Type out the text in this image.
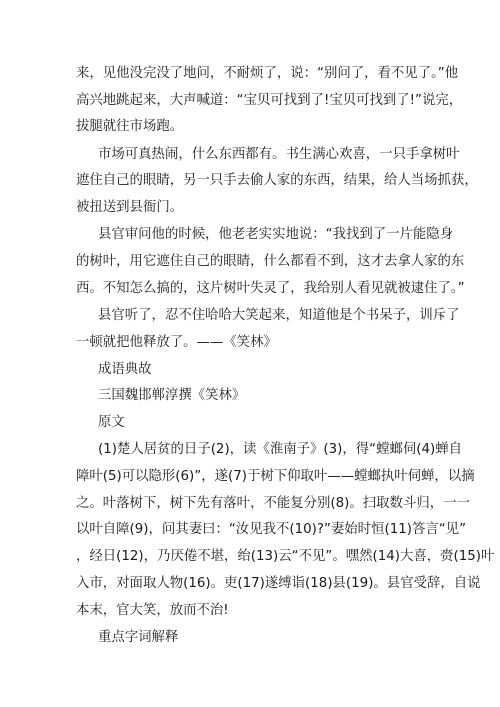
来，见他没完没了地问，不耐烦了，说：“别问了，看不见了。”他
高兴地跳起来，大声喊道：“宝贝可找到了!宝贝可找到了!”说完，
拔腿就往市场跑。
市场可真热闹，什么东西都有。书生满心欢喜，一只手拿树叶
遮住自己的眼睛，另一只手去偷人家的东西，结果，给人当场抓获，
被扭送到县衙门。
县官审问他的时候，他老老实实地说：“我找到了一片能隐身
的树叶，用它遮住自己的眼睛，什么都看不到，这才去拿人家的东
西。不知怎么搞的，这片树叶失灵了，我给别人看见就被逮住了。”
县官听了，忍不住哈哈大笑起来，知道他是个书呆子，训斥了
一顿就把他释放了。——《笑林》
成语典故
三国魏邯郸淳撰《笑林》
原文
(1)楚人居贫的日子(2)，读《淮南子》(3)，得“螳螂伺(4)蝉自
障叶(5)可以隐形(6)”，遂(7)于树下仰取叶——螳螂执叶伺蝉，以摘
之。叶落树下，树下先有落叶，不能复分别(8)。扫取数斗归，一一
以叶自障(9)，问其妻曰：“汝见我不(10)?”妻始时恒(11)答言“见”
，经日(12)，乃厌倦不堪，绐(13)云“不见”。嘿然(14)大喜，赍(15)叶
入市，对面取人物(16)。吏(17)遂缚诣(18)县(19)。县官受辞，自说
本末，官大笑，放而不治!
重点字词解释
